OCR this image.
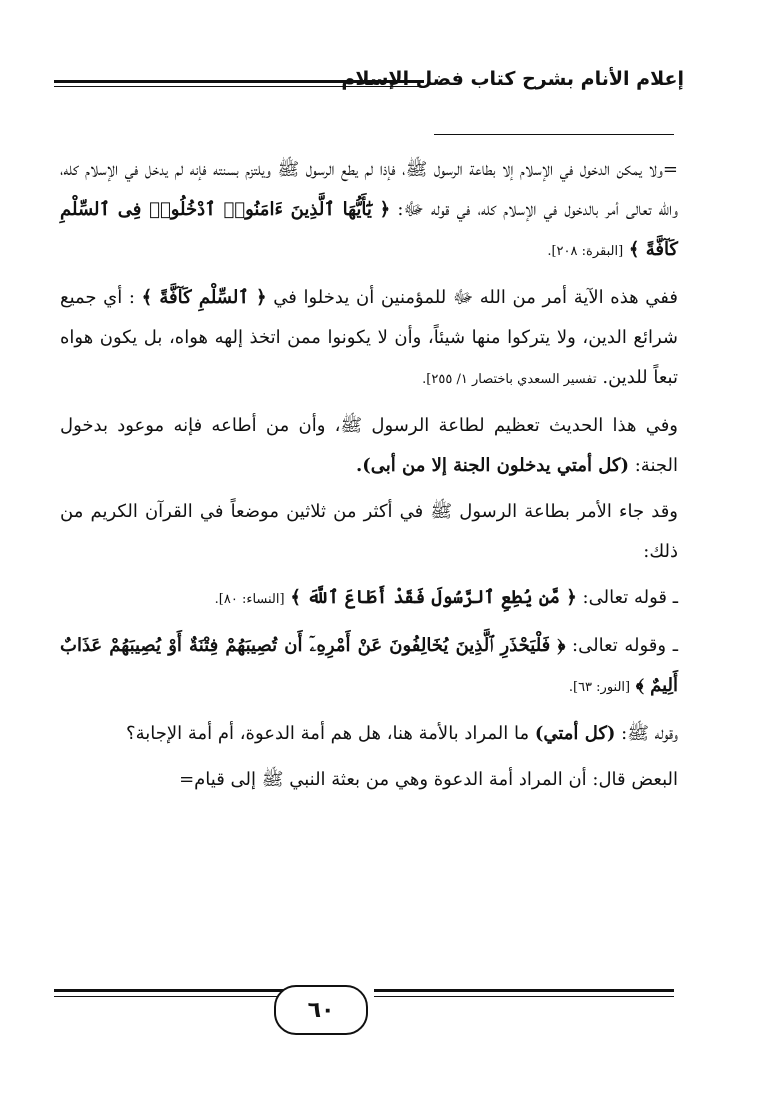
إعلام الأنام بشرح كتاب فضل الإسلام

=ولا يمكن الدخول في الإسلام إلا بطاعة الرسول ﷺ، فإذا لم يطع الرسول ﷺ ويلتزم بسنته فإنه لم يدخل في الإسلام كله، والله تعالى أمر بالدخول في الإسلام كله، في قوله ﷻ: ﴿ يَٰٓأَيُّهَا ٱلَّذِينَ ءَامَنُوا۟ ٱدْخُلُوا۟ فِى ٱلسِّلْمِ كَآفَّةً ﴾ [البقرة: ٢٠٨].

ففي هذه الآية أمر من الله ﷻ للمؤمنين أن يدخلوا في ﴿ ٱلسِّلْمِ كَآفَّةً ﴾ : أي جميع شرائع الدين، ولا يتركوا منها شيئاً، وأن لا يكونوا ممن اتخذ إلهه هواه، بل يكون هواه تبعاً للدين. تفسير السعدي باختصار ١/ ٢٥٥].

وفي هذا الحديث تعظيم لطاعة الرسول ﷺ، وأن من أطاعه فإنه موعود بدخول الجنة: (كل أمتي يدخلون الجنة إلا من أبى).

وقد جاء الأمر بطاعة الرسول ﷺ في أكثر من ثلاثين موضعاً في القرآن الكريم من ذلك:

ـ قوله تعالى: ﴿ مَّن يُطِعِ ٱلرَّسُولَ فَقَدْ أَطَاعَ ٱللَّهَ ﴾ [النساء: ٨٠].

ـ وقوله تعالى: ﴿ فَلْيَحْذَرِ ٱلَّذِينَ يُخَالِفُونَ عَنْ أَمْرِهِۦٓ أَن تُصِيبَهُمْ فِتْنَةٌ أَوْ يُصِيبَهُمْ عَذَابٌ أَلِيمٌ ﴾ [النور: ٦٣].

وقوله ﷺ: (كل أمتي) ما المراد بالأمة هنا، هل هم أمة الدعوة، أم أمة الإجابة؟

البعض قال: أن المراد أمة الدعوة وهي من بعثة النبي ﷺ إلى قيام=

٦٠
